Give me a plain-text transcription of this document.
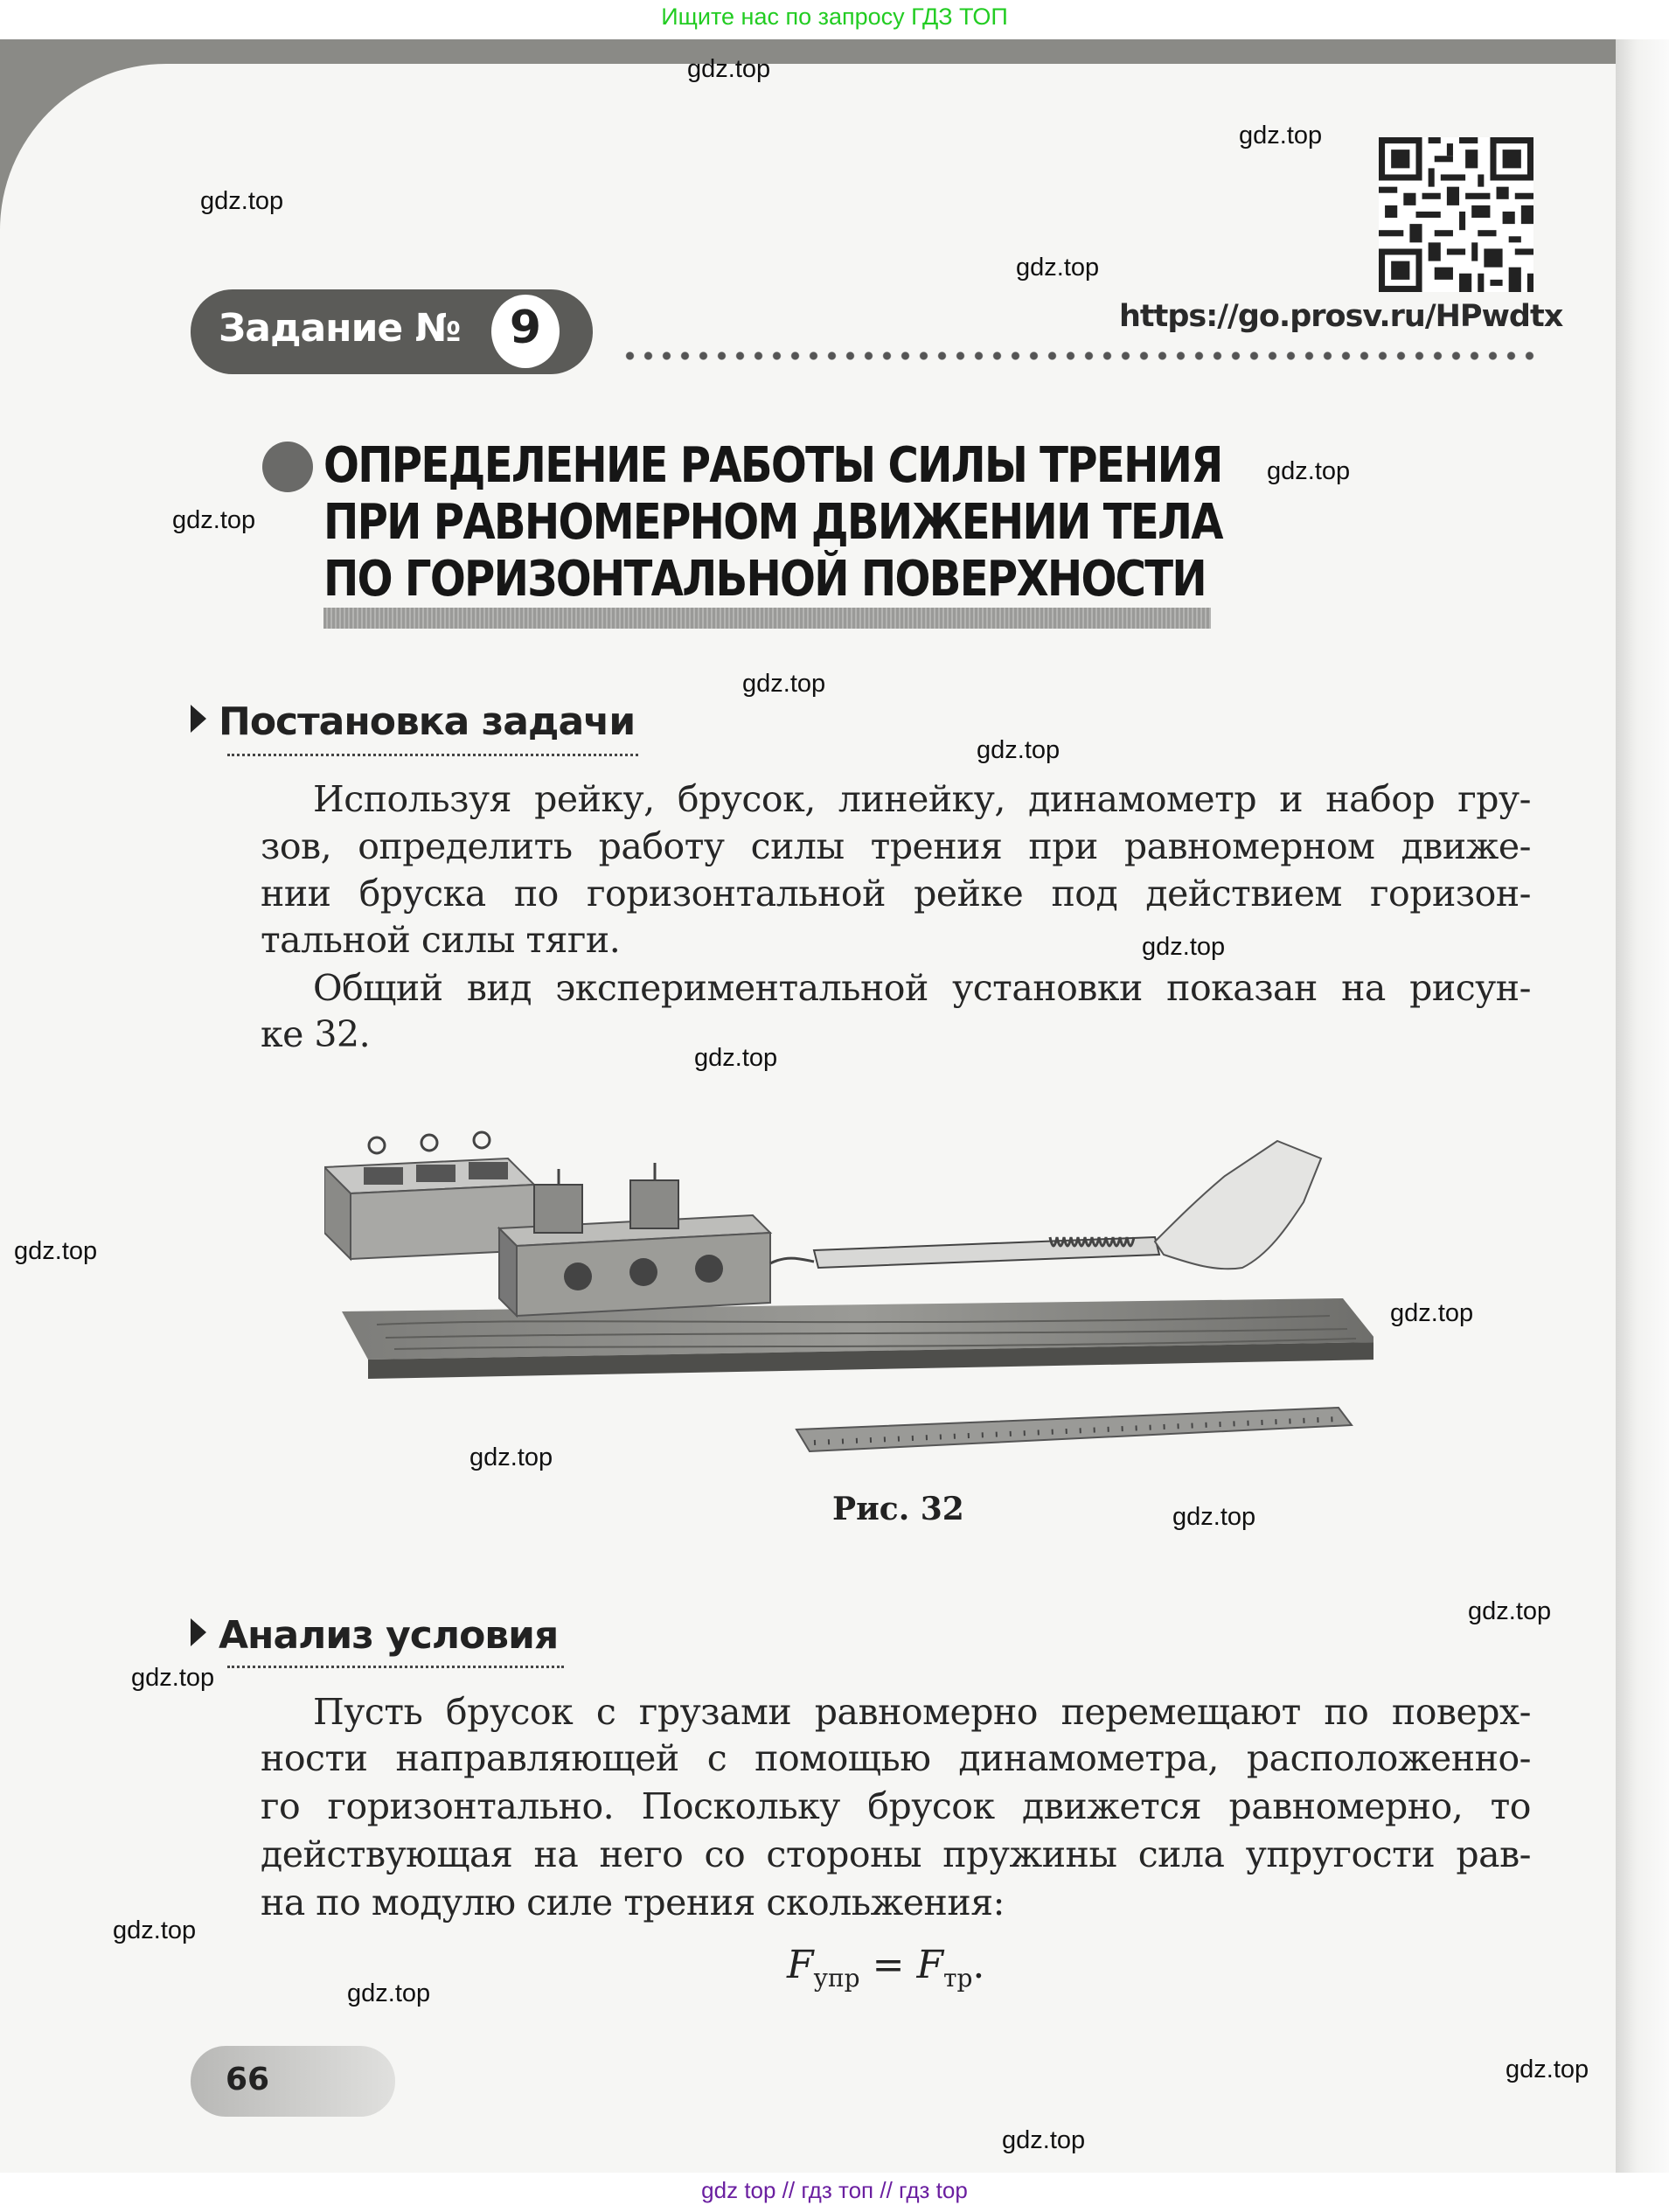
Ищите нас по запросу ГДЗ ТОП
https://go.prosv.ru/HPwdtx
Задание №	9
ОПРЕДЕЛЕНИЕ РАБОТЫ СИЛЫ ТРЕНИЯ
ПРИ РАВНОМЕРНОМ ДВИЖЕНИИ ТЕЛА
ПО ГОРИЗОНТАЛЬНОЙ ПОВЕРХНОСТИ
Постановка задачи
Используя рейку, брусок, линейку, динамометр и набор гру-
зов, определить работу силы трения при равномерном движе-
нии бруска по горизонтальной рейке под действием горизон-
тальной силы тяги.
Общий вид экспериментальной установки показан на рисун-
ке 32.
Рис. 32
Анализ условия
Пусть брусок с грузами равномерно перемещают по поверх-
ности направляющей с помощью динамометра, расположенно-
го горизонтально. Поскольку брусок движется равномерно, то
действующая на него со стороны пружины сила упругости рав-
на по модулю силе трения скольжения:
$F_{упр} = F_{тр}$.
66
gdz.top
gdz.top
gdz.top
gdz.top
gdz.top
gdz.top
gdz.top
gdz.top
gdz.top
gdz.top
gdz.top
gdz.top
gdz.top
gdz.top
gdz.top
gdz.top
gdz.top
gdz.top
gdz.top
gdz.top
gdz top // гдз топ // гдз top
